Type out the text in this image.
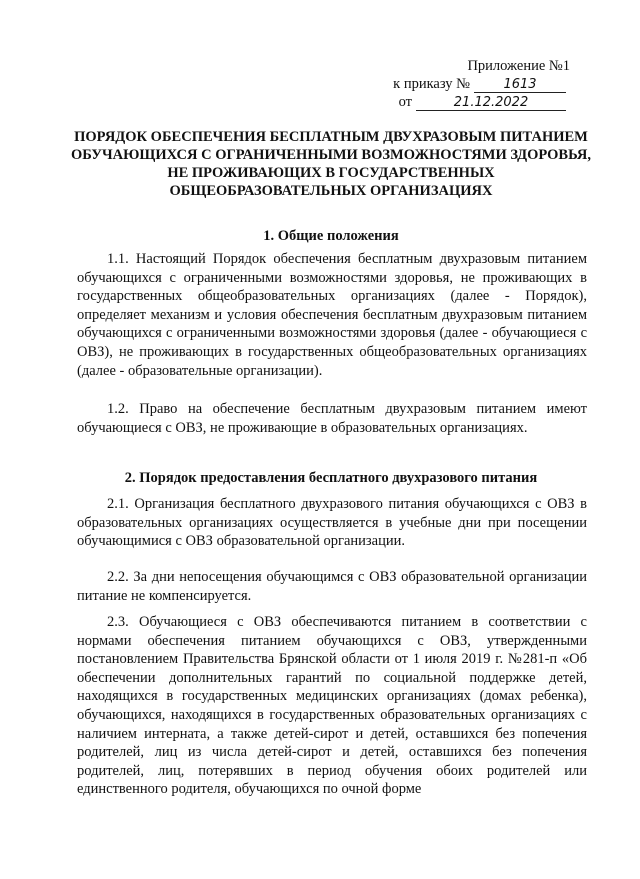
Приложение №1
к приказу №	1613
от	21.12.2022
ПОРЯДОК ОБЕСПЕЧЕНИЯ БЕСПЛАТНЫМ ДВУХРАЗОВЫМ ПИТАНИЕМ ОБУЧАЮЩИХСЯ С ОГРАНИЧЕННЫМИ ВОЗМОЖНОСТЯМИ ЗДОРОВЬЯ, НЕ ПРОЖИВАЮЩИХ В ГОСУДАРСТВЕННЫХ ОБЩЕОБРАЗОВАТЕЛЬНЫХ ОРГАНИЗАЦИЯХ
1. Общие положения
1.1. Настоящий Порядок обеспечения бесплатным двухразовым питанием обучающихся с ограниченными возможностями здоровья, не проживающих в государственных общеобразовательных организациях (далее - Порядок), определяет механизм и условия обеспечения бесплатным двухразовым питанием обучающихся с ограниченными возможностями здоровья (далее - обучающиеся с ОВЗ), не проживающих в государственных общеобразовательных организациях (далее - образовательные организации).
1.2. Право на обеспечение бесплатным двухразовым питанием имеют обучающиеся с ОВЗ, не проживающие в образовательных организациях.
2. Порядок предоставления бесплатного двухразового питания
2.1. Организация бесплатного двухразового питания обучающихся с ОВЗ в образовательных организациях осуществляется в учебные дни при посещении обучающимися с ОВЗ образовательной организации.
2.2. За дни непосещения обучающимся с ОВЗ образовательной организации питание не компенсируется.
2.3. Обучающиеся с ОВЗ обеспечиваются питанием в соответствии с нормами обеспечения питанием обучающихся с ОВЗ, утвержденными постановлением Правительства Брянской области от 1 июля 2019 г. №281-п «Об обеспечении дополнительных гарантий по социальной поддержке детей, находящихся в государственных медицинских организациях (домах ребенка), обучающихся, находящихся в государственных образовательных организациях с наличием интерната, а также детей-сирот и детей, оставшихся без попечения родителей, лиц из числа детей-сирот и детей, оставшихся без попечения родителей, лиц, потерявших в период обучения обоих родителей или единственного родителя, обучающихся по очной форме
